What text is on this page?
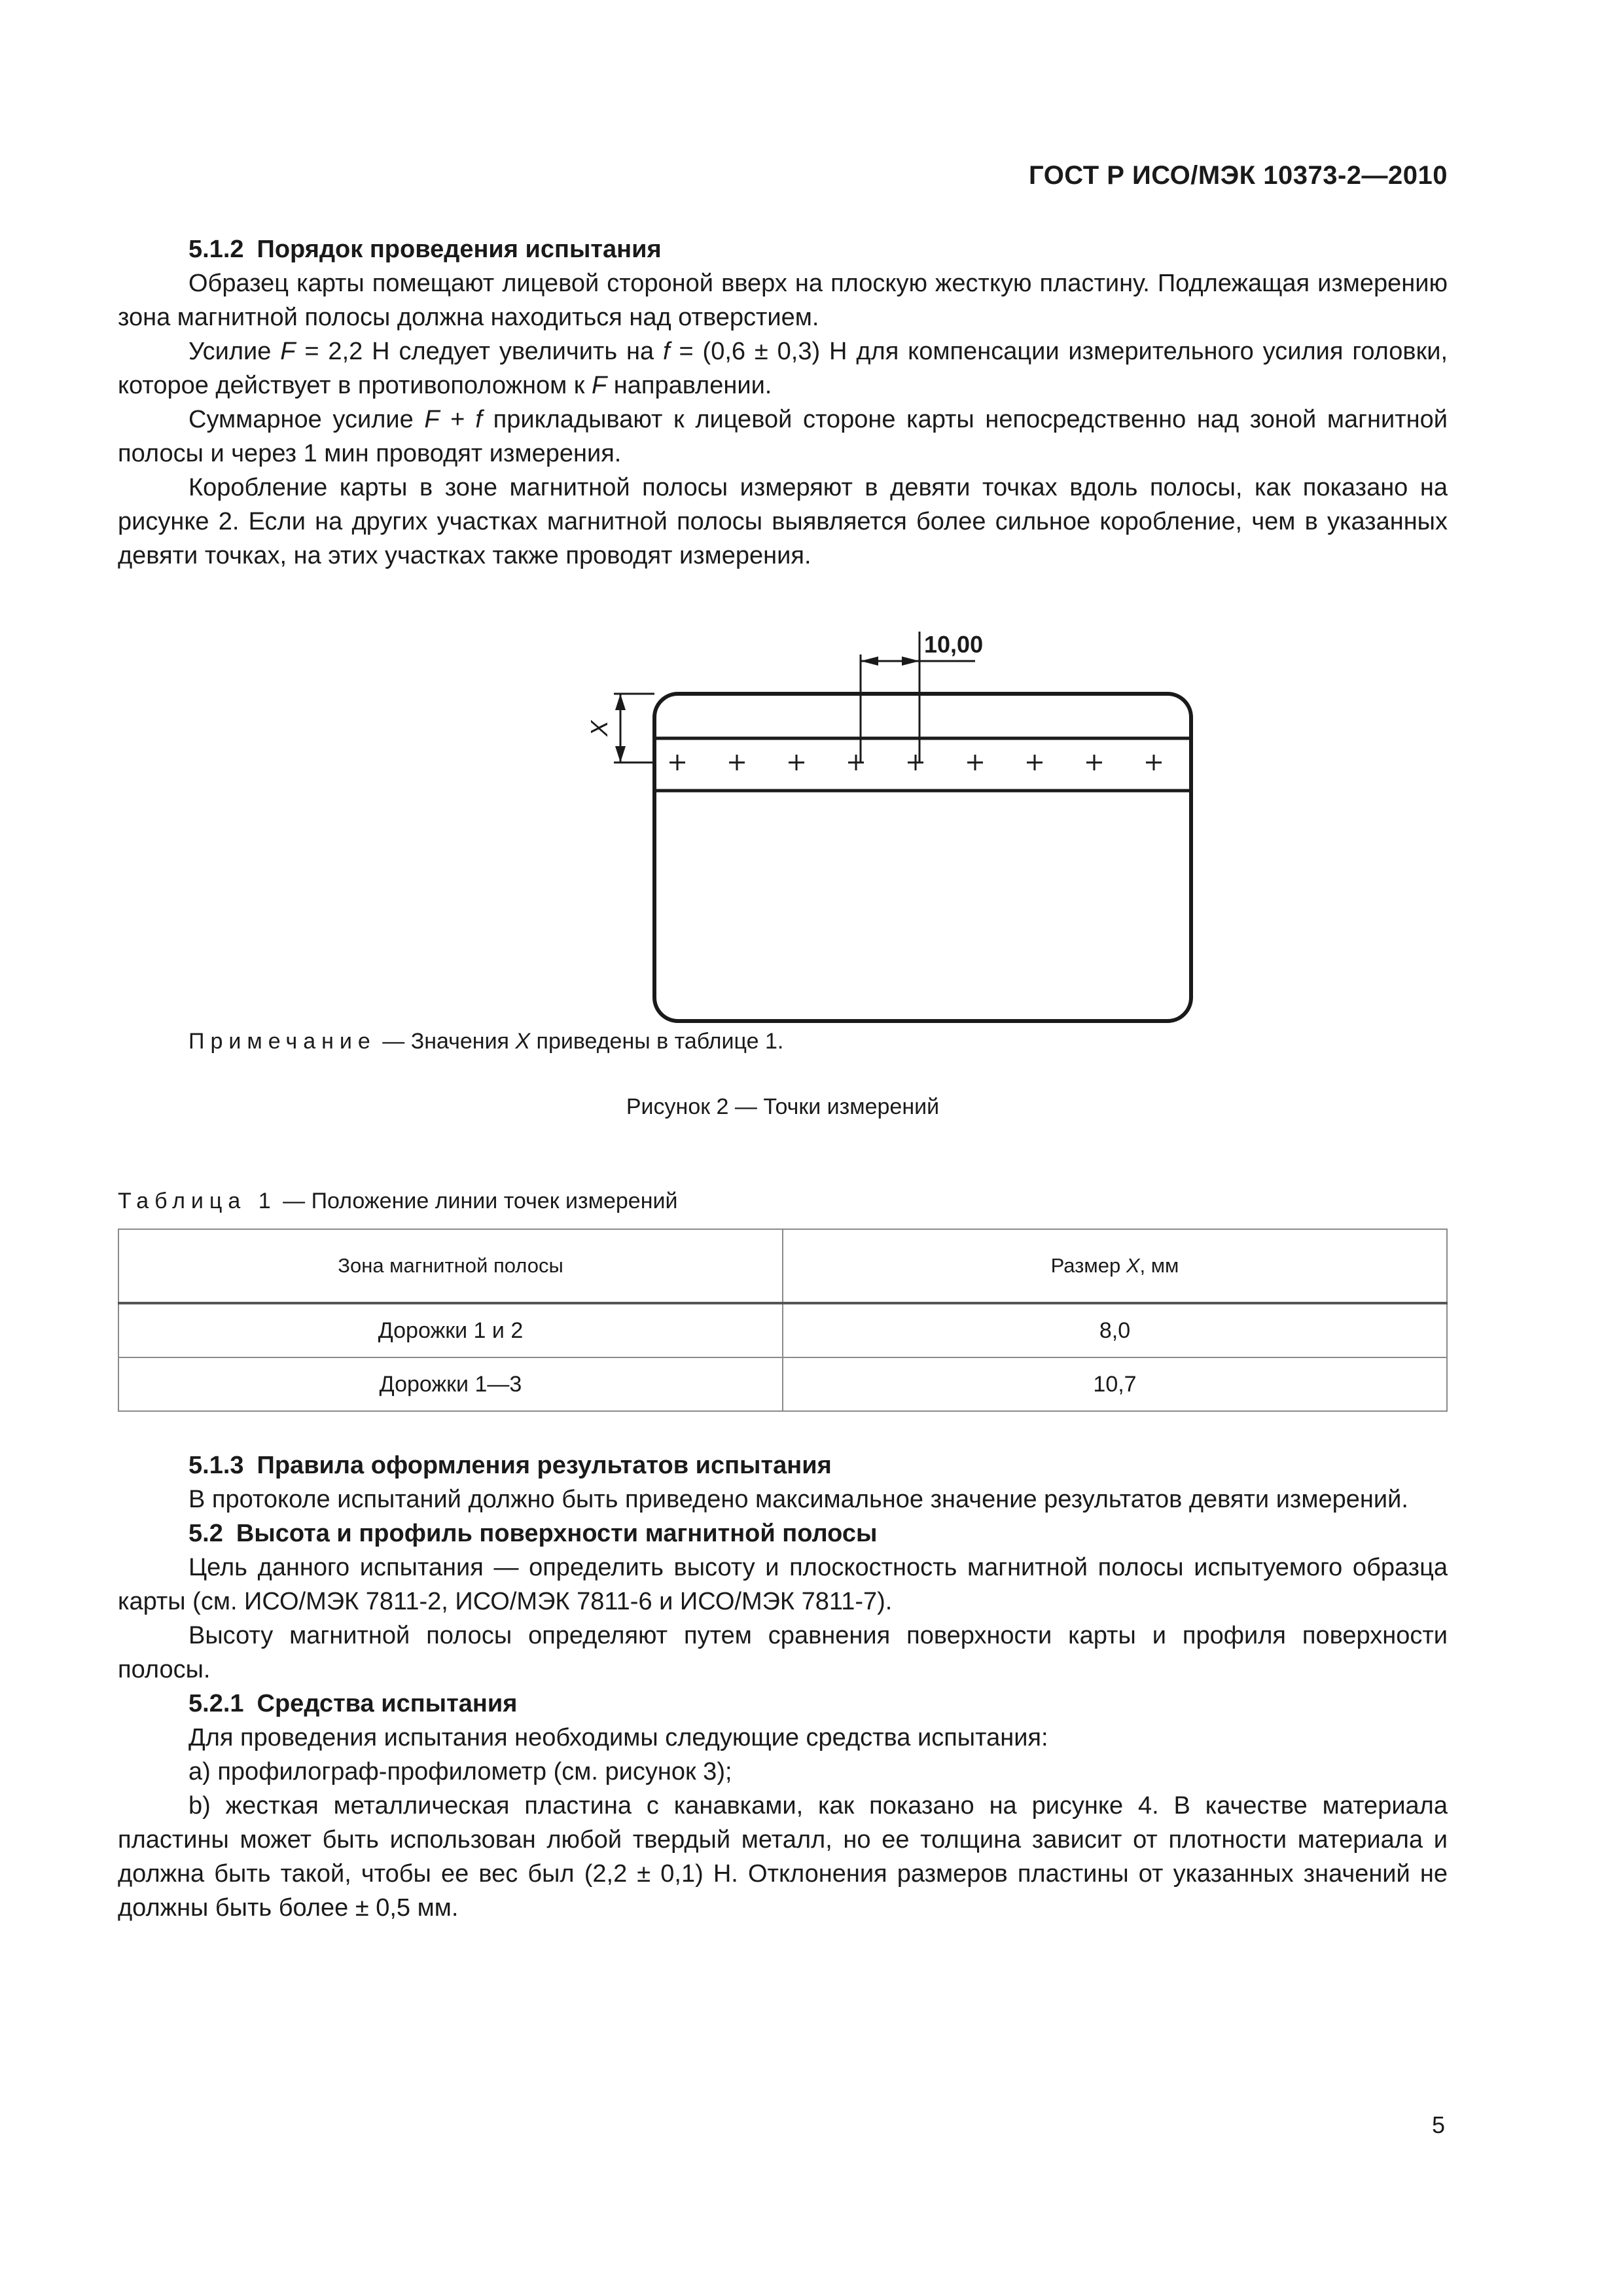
ГОСТ Р ИСО/МЭК 10373-2—2010
5.1.2 Порядок проведения испытания

Образец карты помещают лицевой стороной вверх на плоскую жесткую пластину. Подлежащая измерению зона магнитной полосы должна находиться над отверстием.

Усилие F = 2,2 Н следует увеличить на f = (0,6 ± 0,3) Н для компенсации измерительного усилия головки, которое действует в противоположном к F направлении.

Суммарное усилие F + f прикладывают к лицевой стороне карты непосредственно над зоной магнитной полосы и через 1 мин проводят измерения.

Коробление карты в зоне магнитной полосы измеряют в девяти точках вдоль полосы, как показано на рисунке 2. Если на других участках магнитной полосы выявляется более сильное коробление, чем в указанных девяти точках, на этих участках также проводят измерения.

10,00
X
Примечание — Значения X приведены в таблице 1.
Рисунок 2 — Точки измерений
Таблица 1 — Положение линии точек измерений
Зона магнитной полосы	Размер X, мм
Дорожки 1 и 2	8,0
Дорожки 1—3	10,7
5.1.3 Правила оформления результатов испытания

В протоколе испытаний должно быть приведено максимальное значение результатов девяти измерений.

5.2 Высота и профиль поверхности магнитной полосы

Цель данного испытания — определить высоту и плоскостность магнитной полосы испытуемого образца карты (см. ИСО/МЭК 7811-2, ИСО/МЭК 7811-6 и ИСО/МЭК 7811-7).

Высоту магнитной полосы определяют путем сравнения поверхности карты и профиля поверхности полосы.

5.2.1 Средства испытания

Для проведения испытания необходимы следующие средства испытания:

a) профилограф-профилометр (см. рисунок 3);

b) жесткая металлическая пластина с канавками, как показано на рисунке 4. В качестве материала пластины может быть использован любой твердый металл, но ее толщина зависит от плотности материала и должна быть такой, чтобы ее вес был (2,2 ± 0,1) Н. Отклонения размеров пластины от указанных значений не должны быть более ± 0,5 мм.

5
